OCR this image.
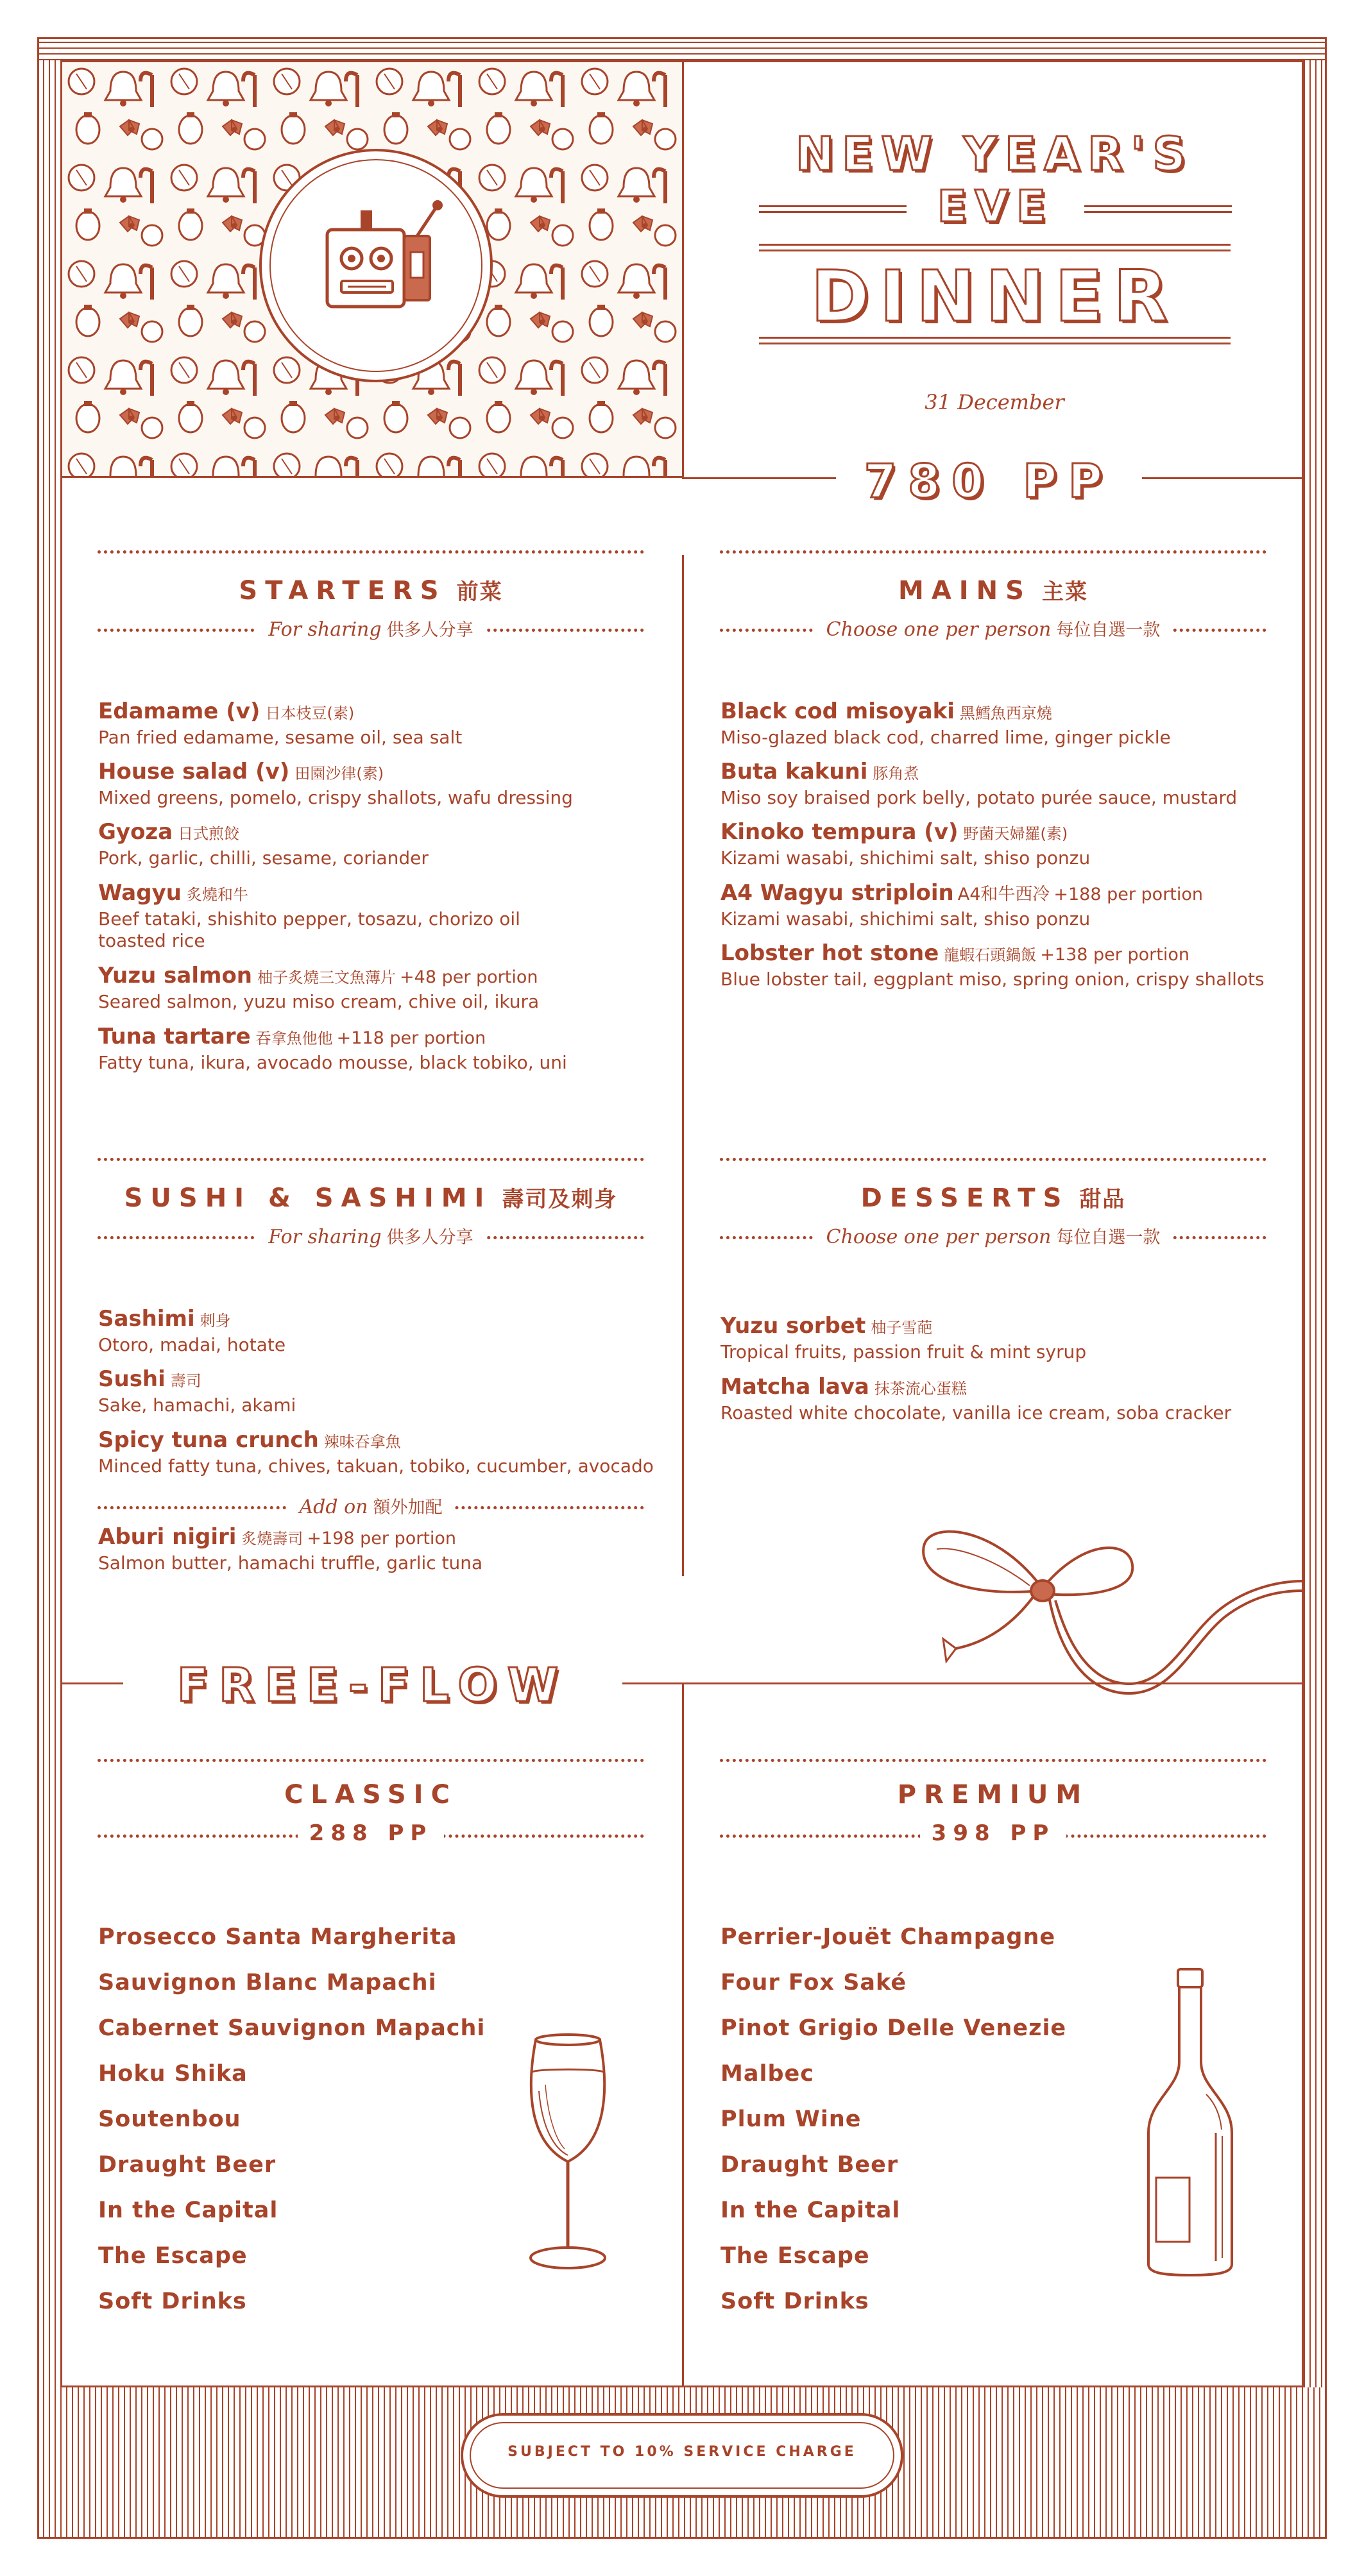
NEW YEAR'S
EVE
DINNER
31 December
780 PP
STARTERS 前菜
For sharing 供多人分享
Edamame (v) 日本枝豆(素)
Pan fried edamame, sesame oil, sea salt
House salad (v) 田園沙律(素)
Mixed greens, pomelo, crispy shallots, wafu dressing
Gyoza 日式煎餃
Pork, garlic, chilli, sesame, coriander
Wagyu 炙燒和牛
Beef tataki, shishito pepper, tosazu, chorizo oil
toasted rice
Yuzu salmon 柚子炙燒三文魚薄片 +48 per portion
Seared salmon, yuzu miso cream, chive oil, ikura
Tuna tartare 吞拿魚他他 +118 per portion
Fatty tuna, ikura, avocado mousse, black tobiko, uni
MAINS 主菜
Choose one per person 每位自選一款
Black cod misoyaki 黑鱈魚西京燒
Miso-glazed black cod, charred lime, ginger pickle
Buta kakuni 豚角煮
Miso soy braised pork belly, potato purée sauce, mustard
Kinoko tempura (v) 野菌天婦羅(素)
Kizami wasabi, shichimi salt, shiso ponzu
A4 Wagyu striploin A4和牛西冷 +188 per portion
Kizami wasabi, shichimi salt, shiso ponzu
Lobster hot stone 龍蝦石頭鍋飯 +138 per portion
Blue lobster tail, eggplant miso, spring onion, crispy shallots
SUSHI & SASHIMI 壽司及刺身
For sharing 供多人分享
Sashimi 刺身
Otoro, madai, hotate
Sushi 壽司
Sake, hamachi, akami
Spicy tuna crunch 辣味吞拿魚
Minced fatty tuna, chives, takuan, tobiko, cucumber, avocado
Add on 額外加配
Aburi nigiri 炙燒壽司 +198 per portion
Salmon butter, hamachi truffle, garlic tuna
DESSERTS 甜品
Choose one per person 每位自選一款
Yuzu sorbet 柚子雪葩
Tropical fruits, passion fruit & mint syrup
Matcha lava 抹茶流心蛋糕
Roasted white chocolate, vanilla ice cream, soba cracker
FREE-FLOW
CLASSIC
288 PP
Prosecco Santa Margherita
Sauvignon Blanc Mapachi
Cabernet Sauvignon Mapachi
Hoku Shika
Soutenbou
Draught Beer
In the Capital
The Escape
Soft Drinks
PREMIUM
398 PP
Perrier-Jouët Champagne
Four Fox Saké
Pinot Grigio Delle Venezie
Malbec
Plum Wine
Draught Beer
In the Capital
The Escape
Soft Drinks
SUBJECT TO 10% SERVICE CHARGE
